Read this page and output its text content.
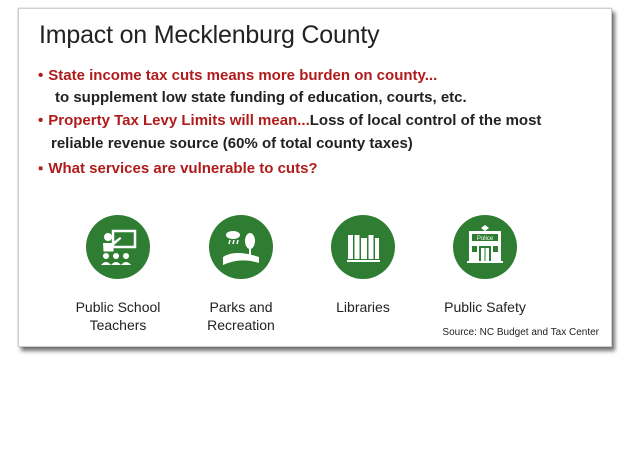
Impact on Mecklenburg County
• State income tax cuts means more burden on county...
to supplement low state funding of education, courts, etc.
• Property Tax Levy Limits will mean...Loss of local control of the most
reliable revenue source (60% of total county taxes)
▪ What services are vulnerable to cuts?
Public School
Teachers
Parks and
Recreation
Libraries
Police
Public Safety
Source: NC Budget and Tax Center
